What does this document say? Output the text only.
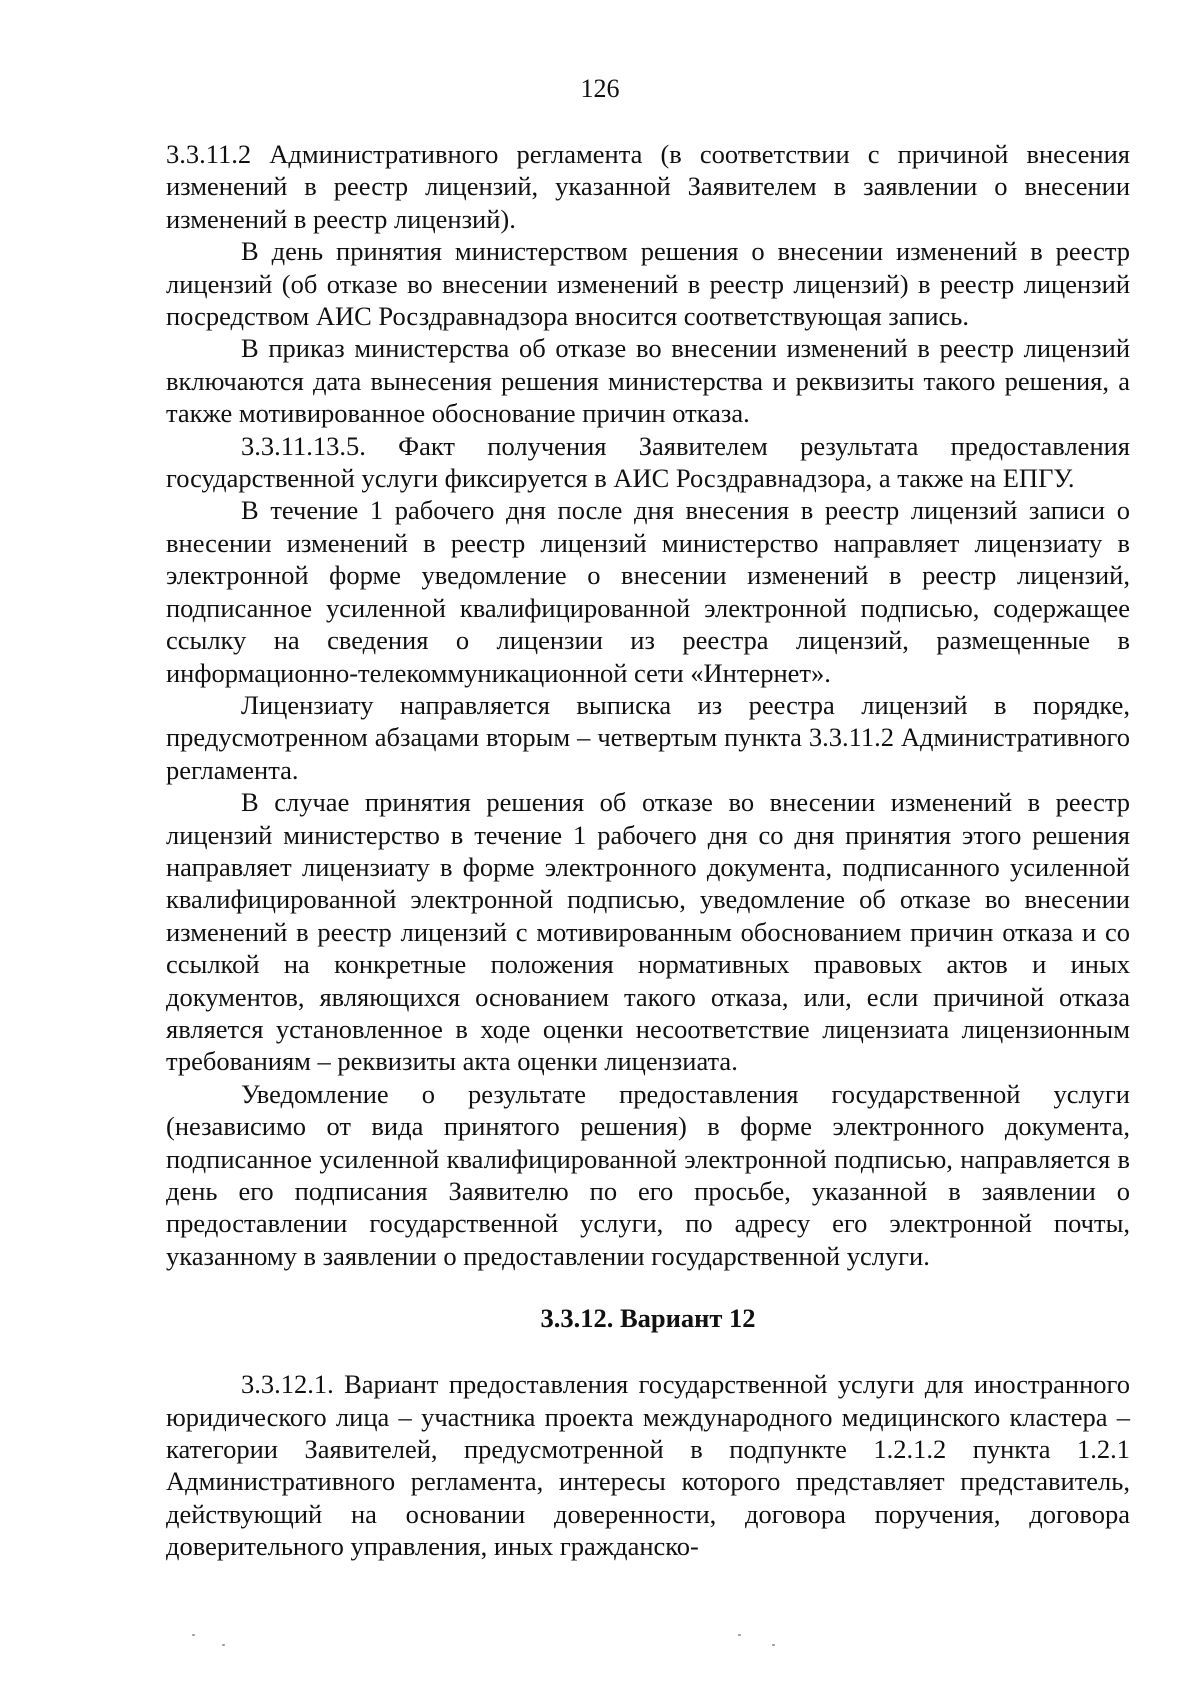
126

3.3.11.2 Административного регламента (в соответствии с причиной внесения изменений в реестр лицензий, указанной Заявителем в заявлении о внесении изменений в реестр лицензий).

В день принятия министерством решения о внесении изменений в реестр лицензий (об отказе во внесении изменений в реестр лицензий) в реестр лицензий посредством АИС Росздравнадзора вносится соответствующая запись.

В приказ министерства об отказе во внесении изменений в реестр лицензий включаются дата вынесения решения министерства и реквизиты такого решения, а также мотивированное обоснование причин отказа.

3.3.11.13.5. Факт получения Заявителем результата предоставления государственной услуги фиксируется в АИС Росздравнадзора, а также на ЕПГУ.

В течение 1 рабочего дня после дня внесения в реестр лицензий записи о внесении изменений в реестр лицензий министерство направляет лицензиату в электронной форме уведомление о внесении изменений в реестр лицензий, подписанное усиленной квалифицированной электронной подписью, содержащее ссылку на сведения о лицензии из реестра лицензий, размещенные в информационно-телекоммуникационной сети «Интернет».

Лицензиату направляется выписка из реестра лицензий в порядке, предусмотренном абзацами вторым – четвертым пункта 3.3.11.2 Административного регламента.

В случае принятия решения об отказе во внесении изменений в реестр лицензий министерство в течение 1 рабочего дня со дня принятия этого решения направляет лицензиату в форме электронного документа, подписанного усиленной квалифицированной электронной подписью, уведомление об отказе во внесении изменений в реестр лицензий с мотивированным обоснованием причин отказа и со ссылкой на конкретные положения нормативных правовых актов и иных документов, являющихся основанием такого отказа, или, если причиной отказа является установленное в ходе оценки несоответствие лицензиата лицензионным требованиям – реквизиты акта оценки лицензиата.

Уведомление о результате предоставления государственной услуги (независимо от вида принятого решения) в форме электронного документа, подписанное усиленной квалифицированной электронной подписью, направляется в день его подписания Заявителю по его просьбе, указанной в заявлении о предоставлении государственной услуги, по адресу его электронной почты, указанному в заявлении о предоставлении государственной услуги.

3.3.12. Вариант 12

3.3.12.1. Вариант предоставления государственной услуги для иностранного юридического лица – участника проекта международного медицинского кластера – категории Заявителей, предусмотренной в подпункте 1.2.1.2 пункта 1.2.1 Административного регламента, интересы которого представляет представитель, действующий на основании доверенности, договора поручения, договора доверительного управления, иных гражданско-
